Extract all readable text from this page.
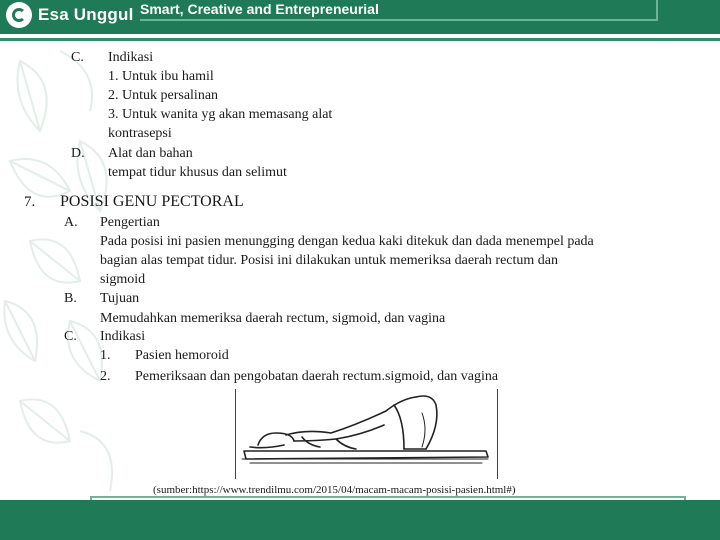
Esa Unggul Smart, Creative and Entrepreneurial
C. Indikasi
1. Untuk ibu hamil
2. Untuk persalinan
3. Untuk wanita yg akan memasang alat
kontrasepsi
D. Alat dan bahan
tempat tidur khusus dan selimut
7. POSISI GENU PECTORAL
A. Pengertian
Pada posisi ini pasien menungging dengan kedua kaki ditekuk dan dada menempel pada
bagian alas tempat tidur. Posisi ini dilakukan untuk memeriksa daerah rectum dan
sigmoid
B. Tujuan
Memudahkan memeriksa daerah rectum, sigmoid, dan vagina
C. Indikasi
1. Pasien hemoroid
2. Pemeriksaan dan pengobatan daerah rectum.sigmoid, dan vagina
(sumber:https://www.trendilmu.com/2015/04/macam-macam-posisi-pasien.html#)
